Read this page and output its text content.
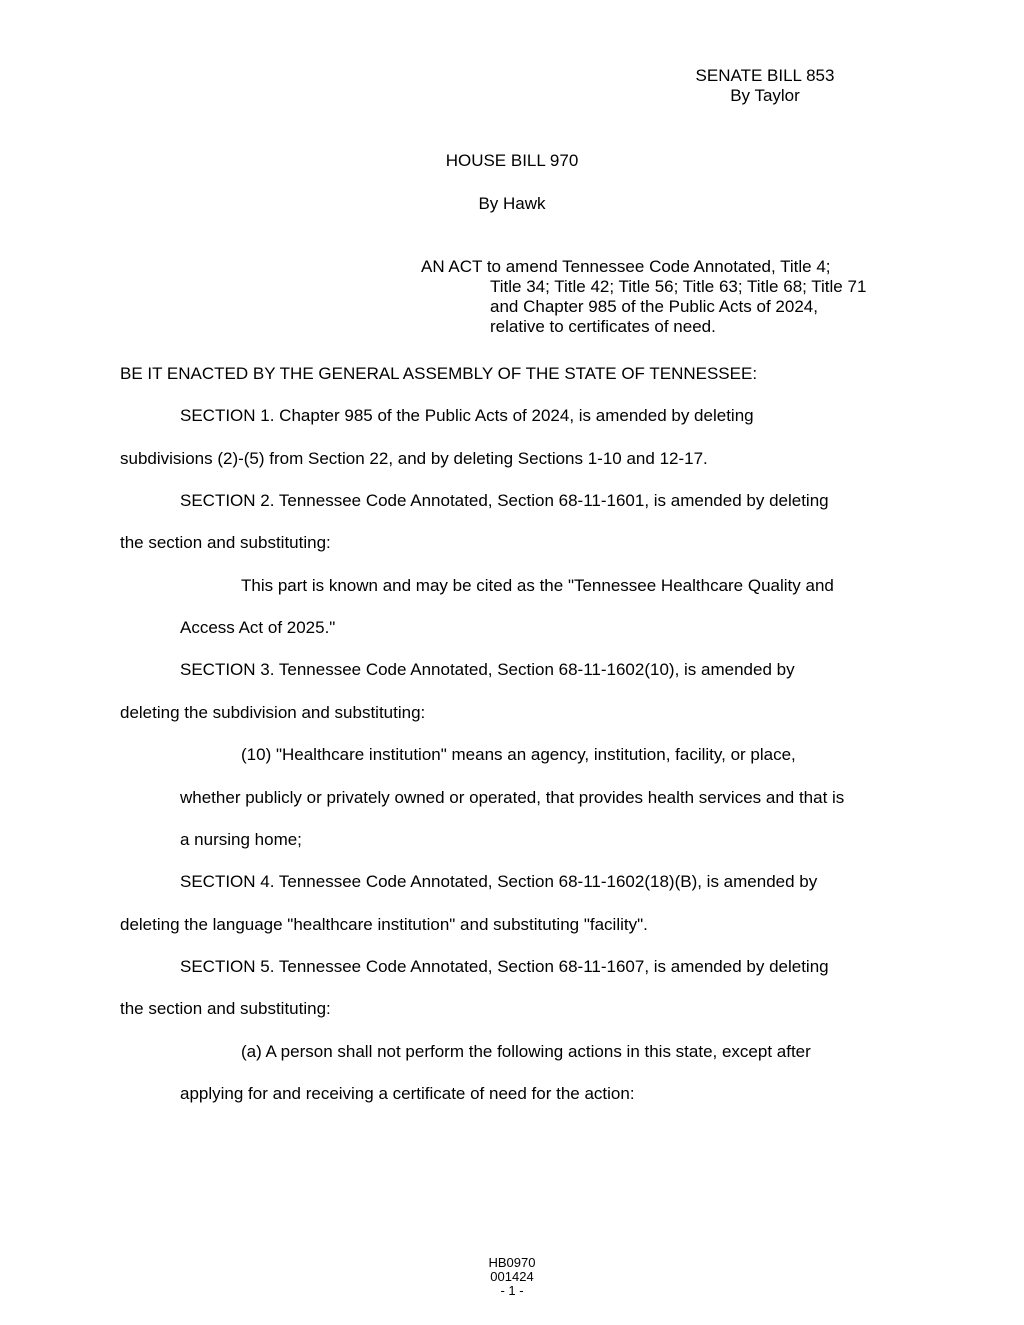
SENATE BILL 853
By Taylor
HOUSE BILL 970
By Hawk
AN ACT to amend Tennessee Code Annotated, Title 4;
Title 34; Title 42; Title 56; Title 63; Title 68; Title 71
and Chapter 985 of the Public Acts of 2024,
relative to certificates of need.
BE IT ENACTED BY THE GENERAL ASSEMBLY OF THE STATE OF TENNESSEE:
SECTION 1. Chapter 985 of the Public Acts of 2024, is amended by deleting
subdivisions (2)-(5) from Section 22, and by deleting Sections 1-10 and 12-17.
SECTION 2. Tennessee Code Annotated, Section 68-11-1601, is amended by deleting
the section and substituting:
This part is known and may be cited as the "Tennessee Healthcare Quality and
Access Act of 2025."
SECTION 3. Tennessee Code Annotated, Section 68-11-1602(10), is amended by
deleting the subdivision and substituting:
(10) "Healthcare institution" means an agency, institution, facility, or place,
whether publicly or privately owned or operated, that provides health services and that is
a nursing home;
SECTION 4. Tennessee Code Annotated, Section 68-11-1602(18)(B), is amended by
deleting the language "healthcare institution" and substituting "facility".
SECTION 5. Tennessee Code Annotated, Section 68-11-1607, is amended by deleting
the section and substituting:
(a) A person shall not perform the following actions in this state, except after
applying for and receiving a certificate of need for the action:
HB0970
001424
- 1 -
